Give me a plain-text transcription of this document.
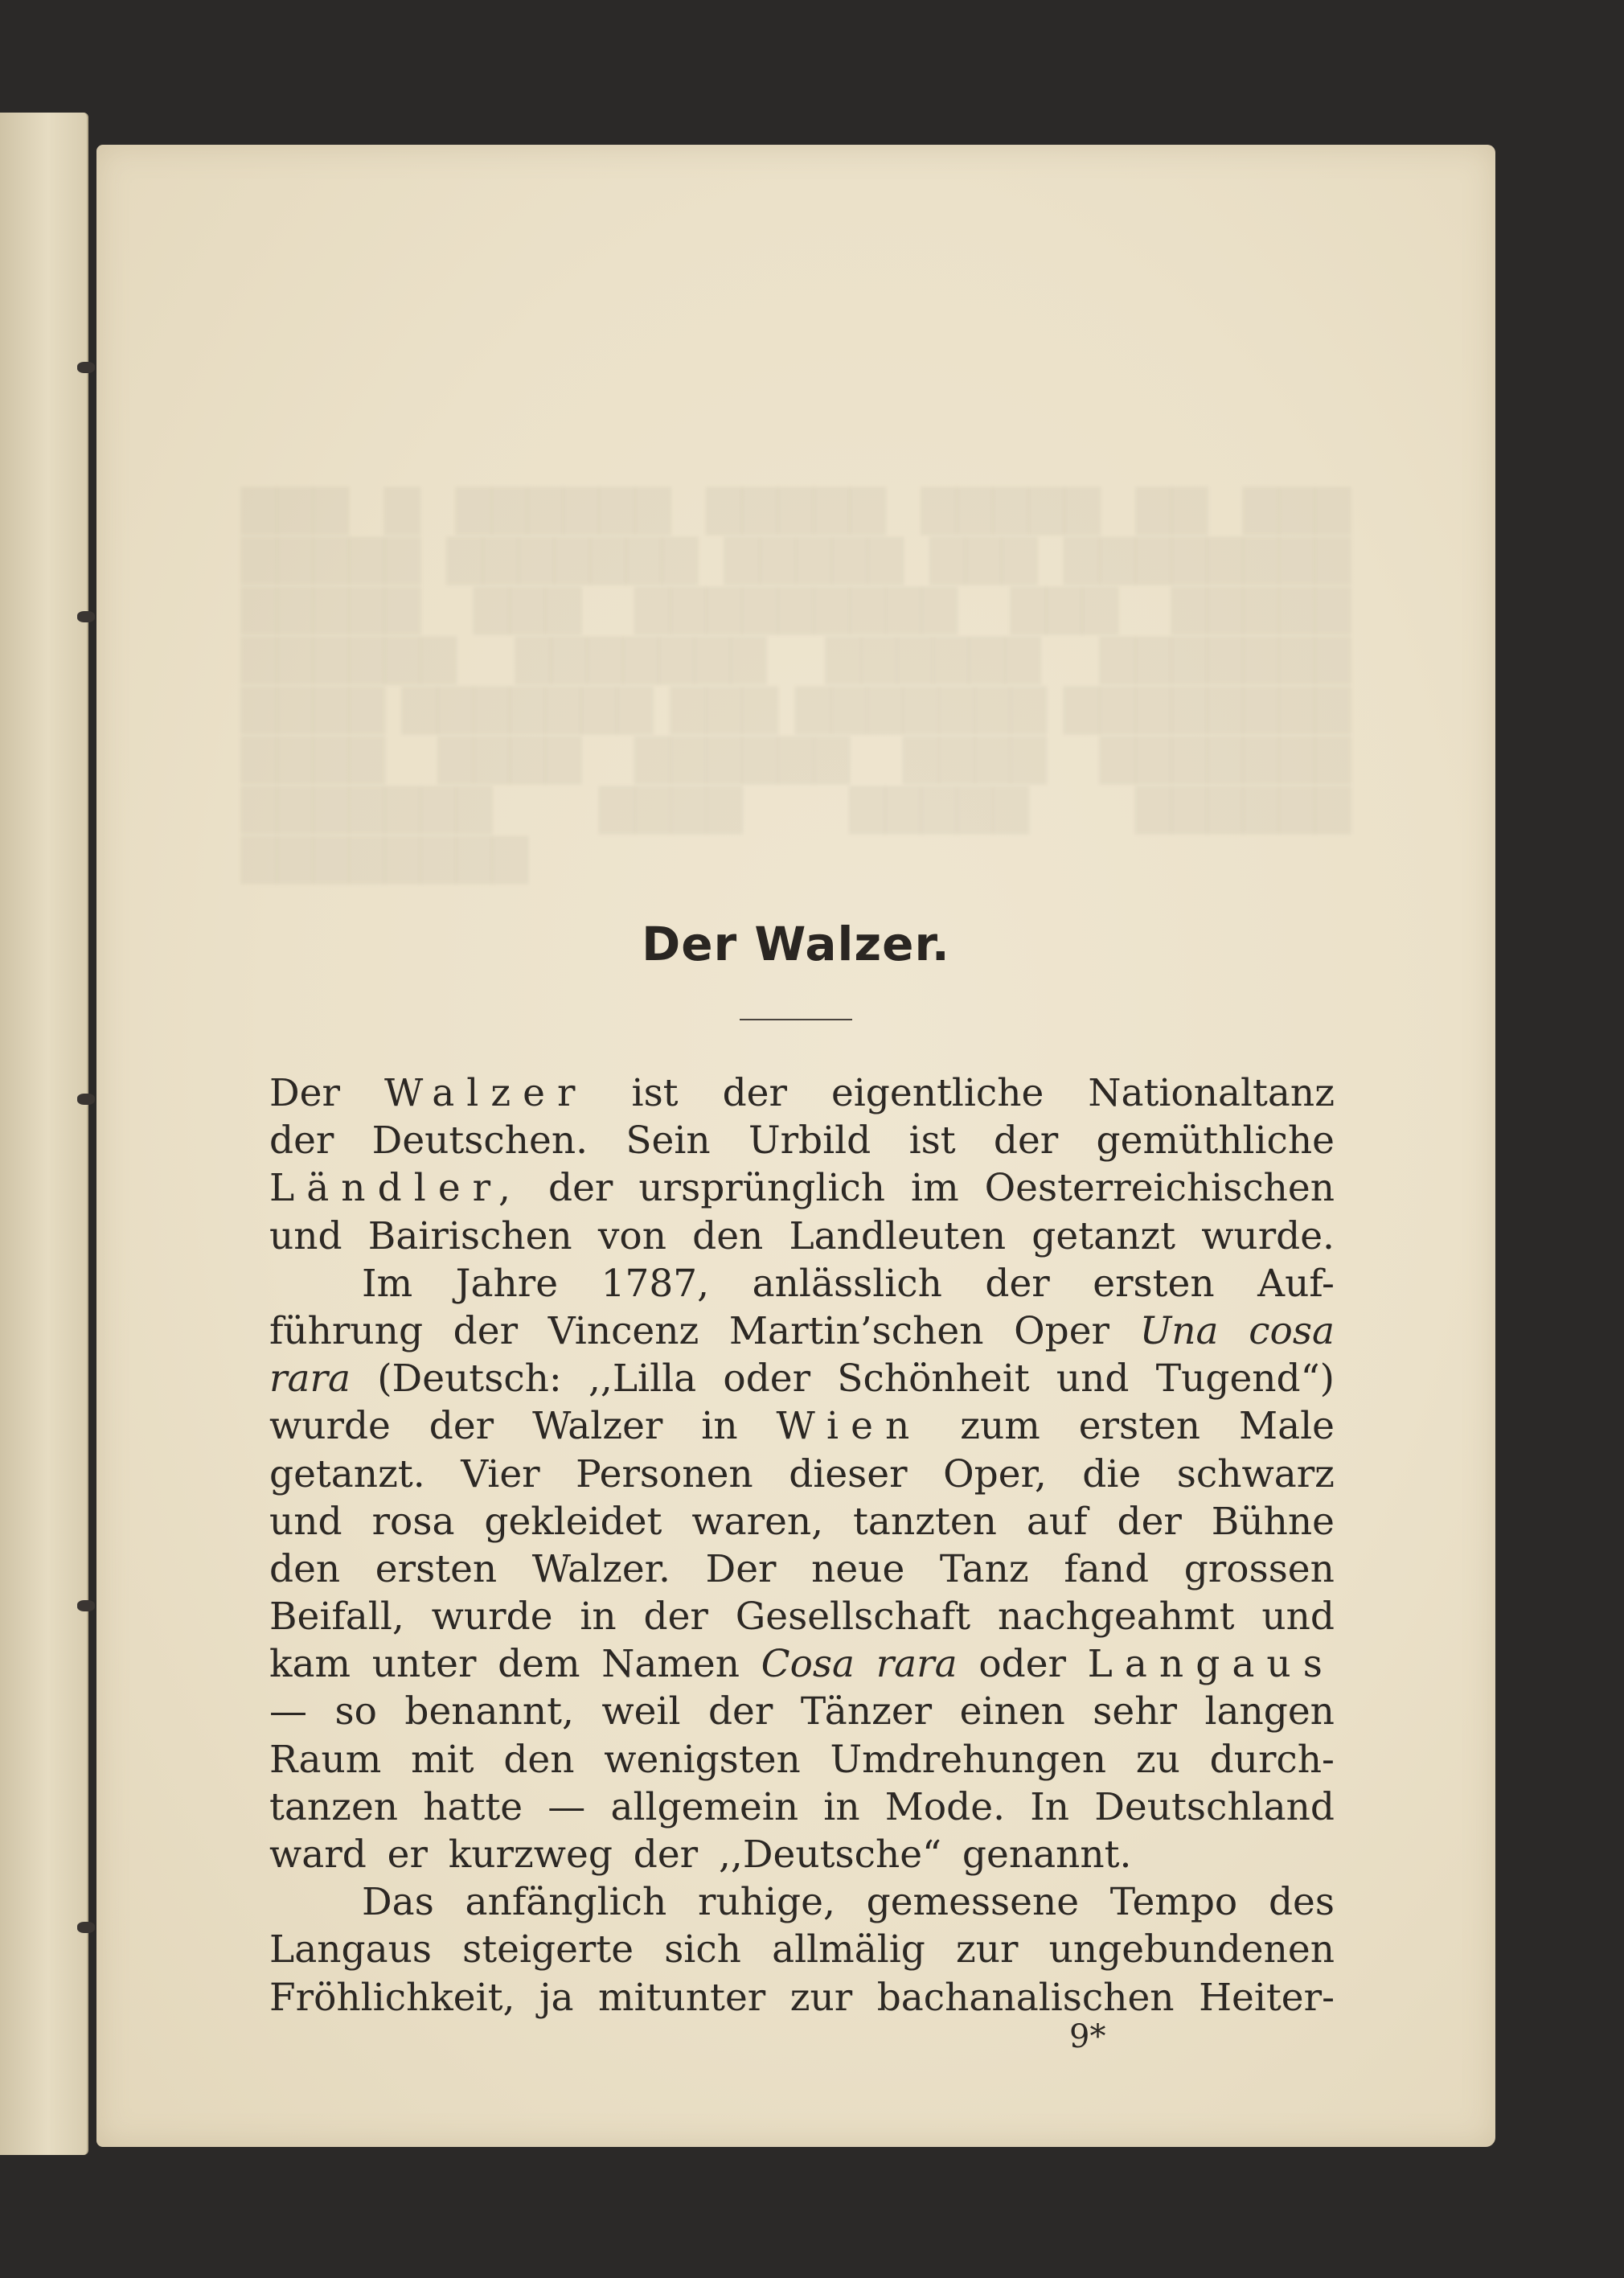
▇▇▇ ▇ ▇▇▇▇▇▇ ▇▇▇▇▇ ▇▇▇▇▇ ▇▇ ▇▇▇ ▇▇▇▇▇ ▇▇▇▇▇▇▇ ▇▇▇▇▇ ▇▇▇ ▇▇▇▇▇▇▇▇ ▇▇▇▇▇ ▇▇▇ ▇▇▇▇▇▇▇▇▇ ▇▇▇ ▇▇▇▇▇ ▇▇▇▇▇▇ ▇▇▇▇▇▇▇ ▇▇▇▇▇▇ ▇▇▇▇▇▇▇ ▇▇▇▇ ▇▇▇▇▇▇▇ ▇▇▇ ▇▇▇▇▇▇▇ ▇▇▇▇▇▇▇▇ ▇▇▇▇ ▇▇▇▇ ▇▇▇▇▇▇ ▇▇▇▇ ▇▇▇▇▇▇▇ ▇▇▇▇▇▇▇ ▇▇▇▇ ▇▇▇▇▇ ▇▇▇▇▇▇ ▇▇▇▇▇▇▇▇
Der Walzer.
Der Walzer ist der eigentliche Nationaltanz
der Deutschen. Sein Urbild ist der gemüthliche
Ländler, der ursprünglich im Oesterreichischen
und Bairischen von den Landleuten getanzt wurde.
Im Jahre 1787, anlässlich der ersten Auf-
führung der Vincenz Martin’schen Oper Una cosa
rara (Deutsch: ,,Lilla oder Schönheit und Tugend“)
wurde der Walzer in Wien zum ersten Male
getanzt. Vier Personen dieser Oper, die schwarz
und rosa gekleidet waren, tanzten auf der Bühne
den ersten Walzer. Der neue Tanz fand grossen
Beifall, wurde in der Gesellschaft nachgeahmt und
kam unter dem Namen Cosa rara oder Langaus
— so benannt, weil der Tänzer einen sehr langen
Raum mit den wenigsten Umdrehungen zu durch-
tanzen hatte — allgemein in Mode. In Deutschland
ward er kurzweg der ,,Deutsche“ genannt.
Das anfänglich ruhige, gemessene Tempo des
Langaus steigerte sich allmälig zur ungebundenen
Fröhlichkeit, ja mitunter zur bachanalischen Heiter-
9*
